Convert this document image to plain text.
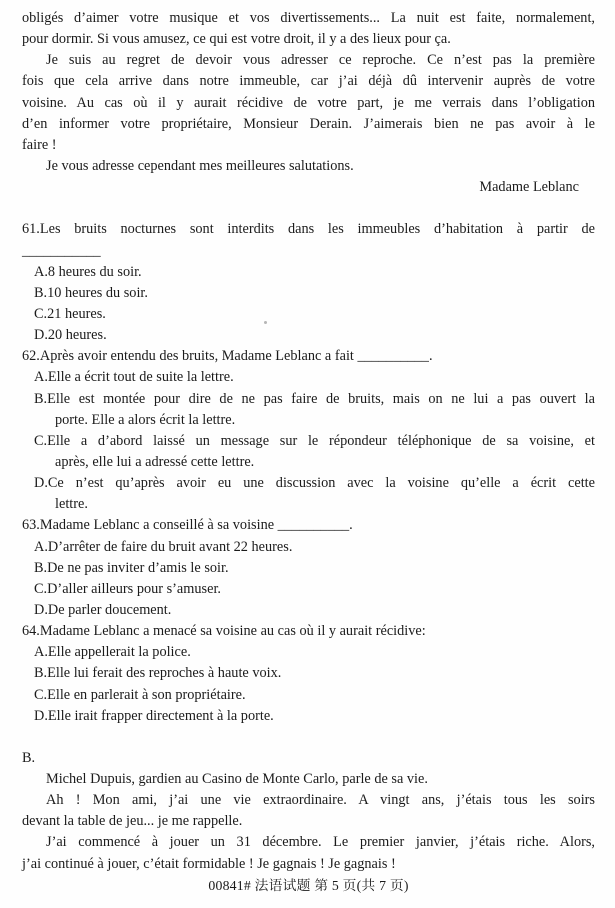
obligés d’aimer votre musique et vos divertissements... La nuit est faite, normalement,
pour dormir. Si vous amusez, ce qui est votre droit, il y a des lieux pour ça.
Je suis au regret de devoir vous adresser ce reproche. Ce n’est pas la première
fois que cela arrive dans notre immeuble, car j’ai déjà dû intervenir auprès de votre
voisine. Au cas où il y aurait récidive de votre part, je me verrais dans l’obligation
d’en informer votre propriétaire, Monsieur Derain. J’aimerais bien ne pas avoir à le
faire !
Je vous adresse cependant mes meilleures salutations.
Madame Leblanc
61.Les bruits nocturnes sont interdits dans les immeubles d’habitation à partir de
___________
A.8 heures du soir.
B.10 heures du soir.
C.21 heures.
D.20 heures.
62.Après avoir entendu des bruits, Madame Leblanc a fait __________.
A.Elle a écrit tout de suite la lettre.
B.Elle est montée pour dire de ne pas faire de bruits, mais on ne lui a pas ouvert la
porte. Elle a alors écrit la lettre.
C.Elle a d’abord laissé un message sur le répondeur téléphonique de sa voisine, et
après, elle lui a adressé cette lettre.
D.Ce n’est qu’après avoir eu une discussion avec la voisine qu’elle a écrit cette
lettre.
63.Madame Leblanc a conseillé à sa voisine __________.
A.D’arrêter de faire du bruit avant 22 heures.
B.De ne pas inviter d’amis le soir.
C.D’aller ailleurs pour s’amuser.
D.De parler doucement.
64.Madame Leblanc a menacé sa voisine au cas où il y aurait récidive:
A.Elle appellerait la police.
B.Elle lui ferait des reproches à haute voix.
C.Elle en parlerait à son propriétaire.
D.Elle irait frapper directement à la porte.
B.
Michel Dupuis, gardien au Casino de Monte Carlo, parle de sa vie.
Ah ! Mon ami, j’ai une vie extraordinaire. A vingt ans, j’étais tous les soirs
devant la table de jeu... je me rappelle.
J’ai commencé à jouer un 31 décembre. Le premier janvier, j’étais riche. Alors,
j’ai continué à jouer, c’était formidable ! Je gagnais ! Je gagnais !
00841# 法语试题 第 5 页(共 7 页)
